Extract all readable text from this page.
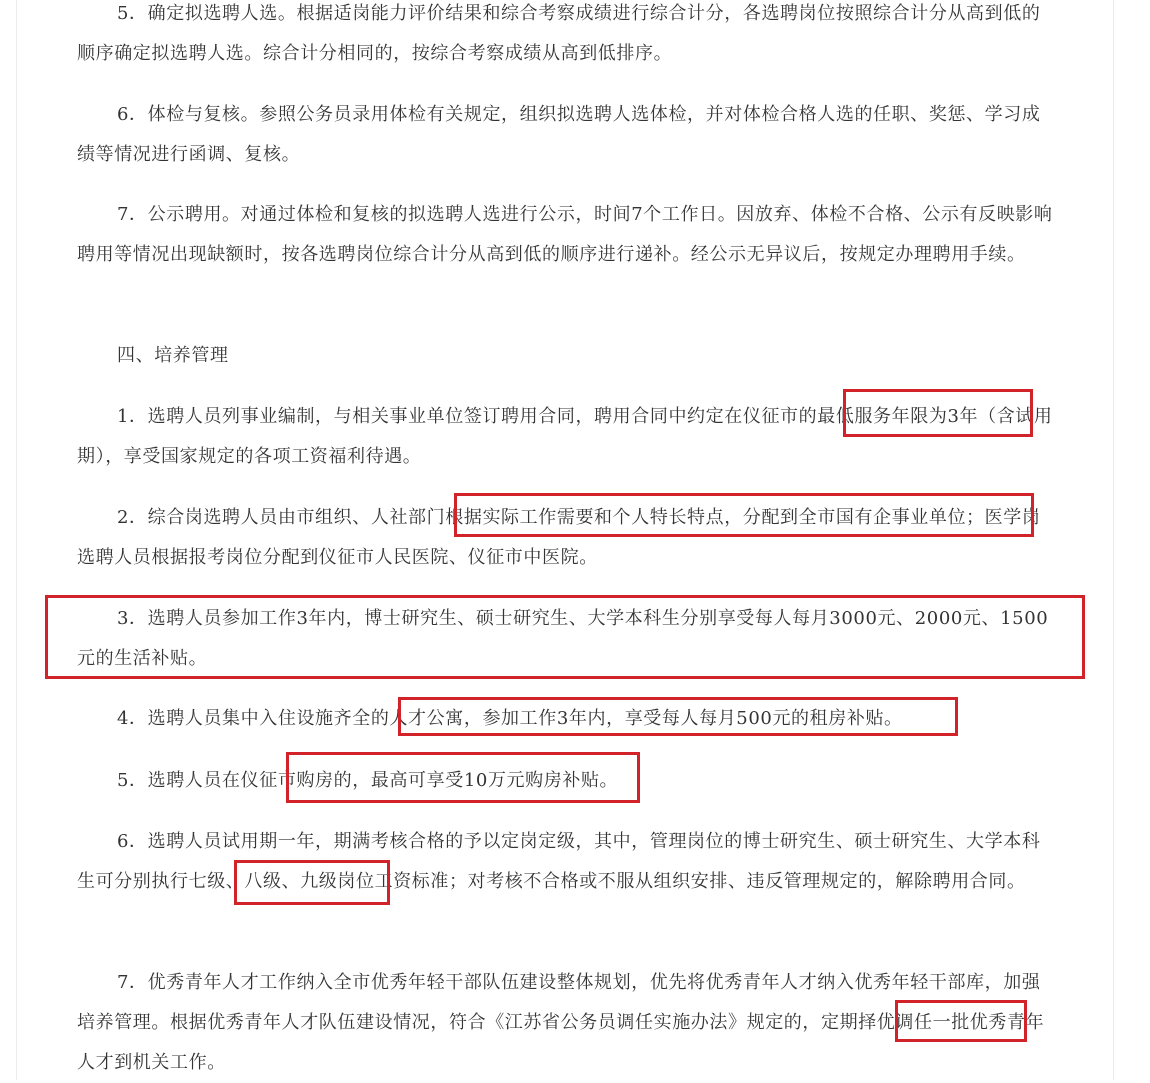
5．确定拟选聘人选。根据适岗能力评价结果和综合考察成绩进行综合计分，各选聘岗位按照综合计分从高到低的顺序确定拟选聘人选。综合计分相同的，按综合考察成绩从高到低排序。

6．体检与复核。参照公务员录用体检有关规定，组织拟选聘人选体检，并对体检合格人选的任职、奖惩、学习成绩等情况进行函调、复核。

7．公示聘用。对通过体检和复核的拟选聘人选进行公示，时间7个工作日。因放弃、体检不合格、公示有反映影响聘用等情况出现缺额时，按各选聘岗位综合计分从高到低的顺序进行递补。经公示无异议后，按规定办理聘用手续。

四、培养管理

1．选聘人员列事业编制，与相关事业单位签订聘用合同，聘用合同中约定在仪征市的最低服务年限为3年（含试用期），享受国家规定的各项工资福利待遇。

2．综合岗选聘人员由市组织、人社部门根据实际工作需要和个人特长特点，分配到全市国有企事业单位；医学岗选聘人员根据报考岗位分配到仪征市人民医院、仪征市中医院。

3．选聘人员参加工作3年内，博士研究生、硕士研究生、大学本科生分别享受每人每月3000元、2000元、1500元的生活补贴。

4．选聘人员集中入住设施齐全的人才公寓，参加工作3年内，享受每人每月500元的租房补贴。

5．选聘人员在仪征市购房的，最高可享受10万元购房补贴。

6．选聘人员试用期一年，期满考核合格的予以定岗定级，其中，管理岗位的博士研究生、硕士研究生、大学本科生可分别执行七级、八级、九级岗位工资标准；对考核不合格或不服从组织安排、违反管理规定的，解除聘用合同。

7．优秀青年人才工作纳入全市优秀年轻干部队伍建设整体规划，优先将优秀青年人才纳入优秀年轻干部库，加强培养管理。根据优秀青年人才队伍建设情况，符合《江苏省公务员调任实施办法》规定的，定期择优调任一批优秀青年人才到机关工作。
